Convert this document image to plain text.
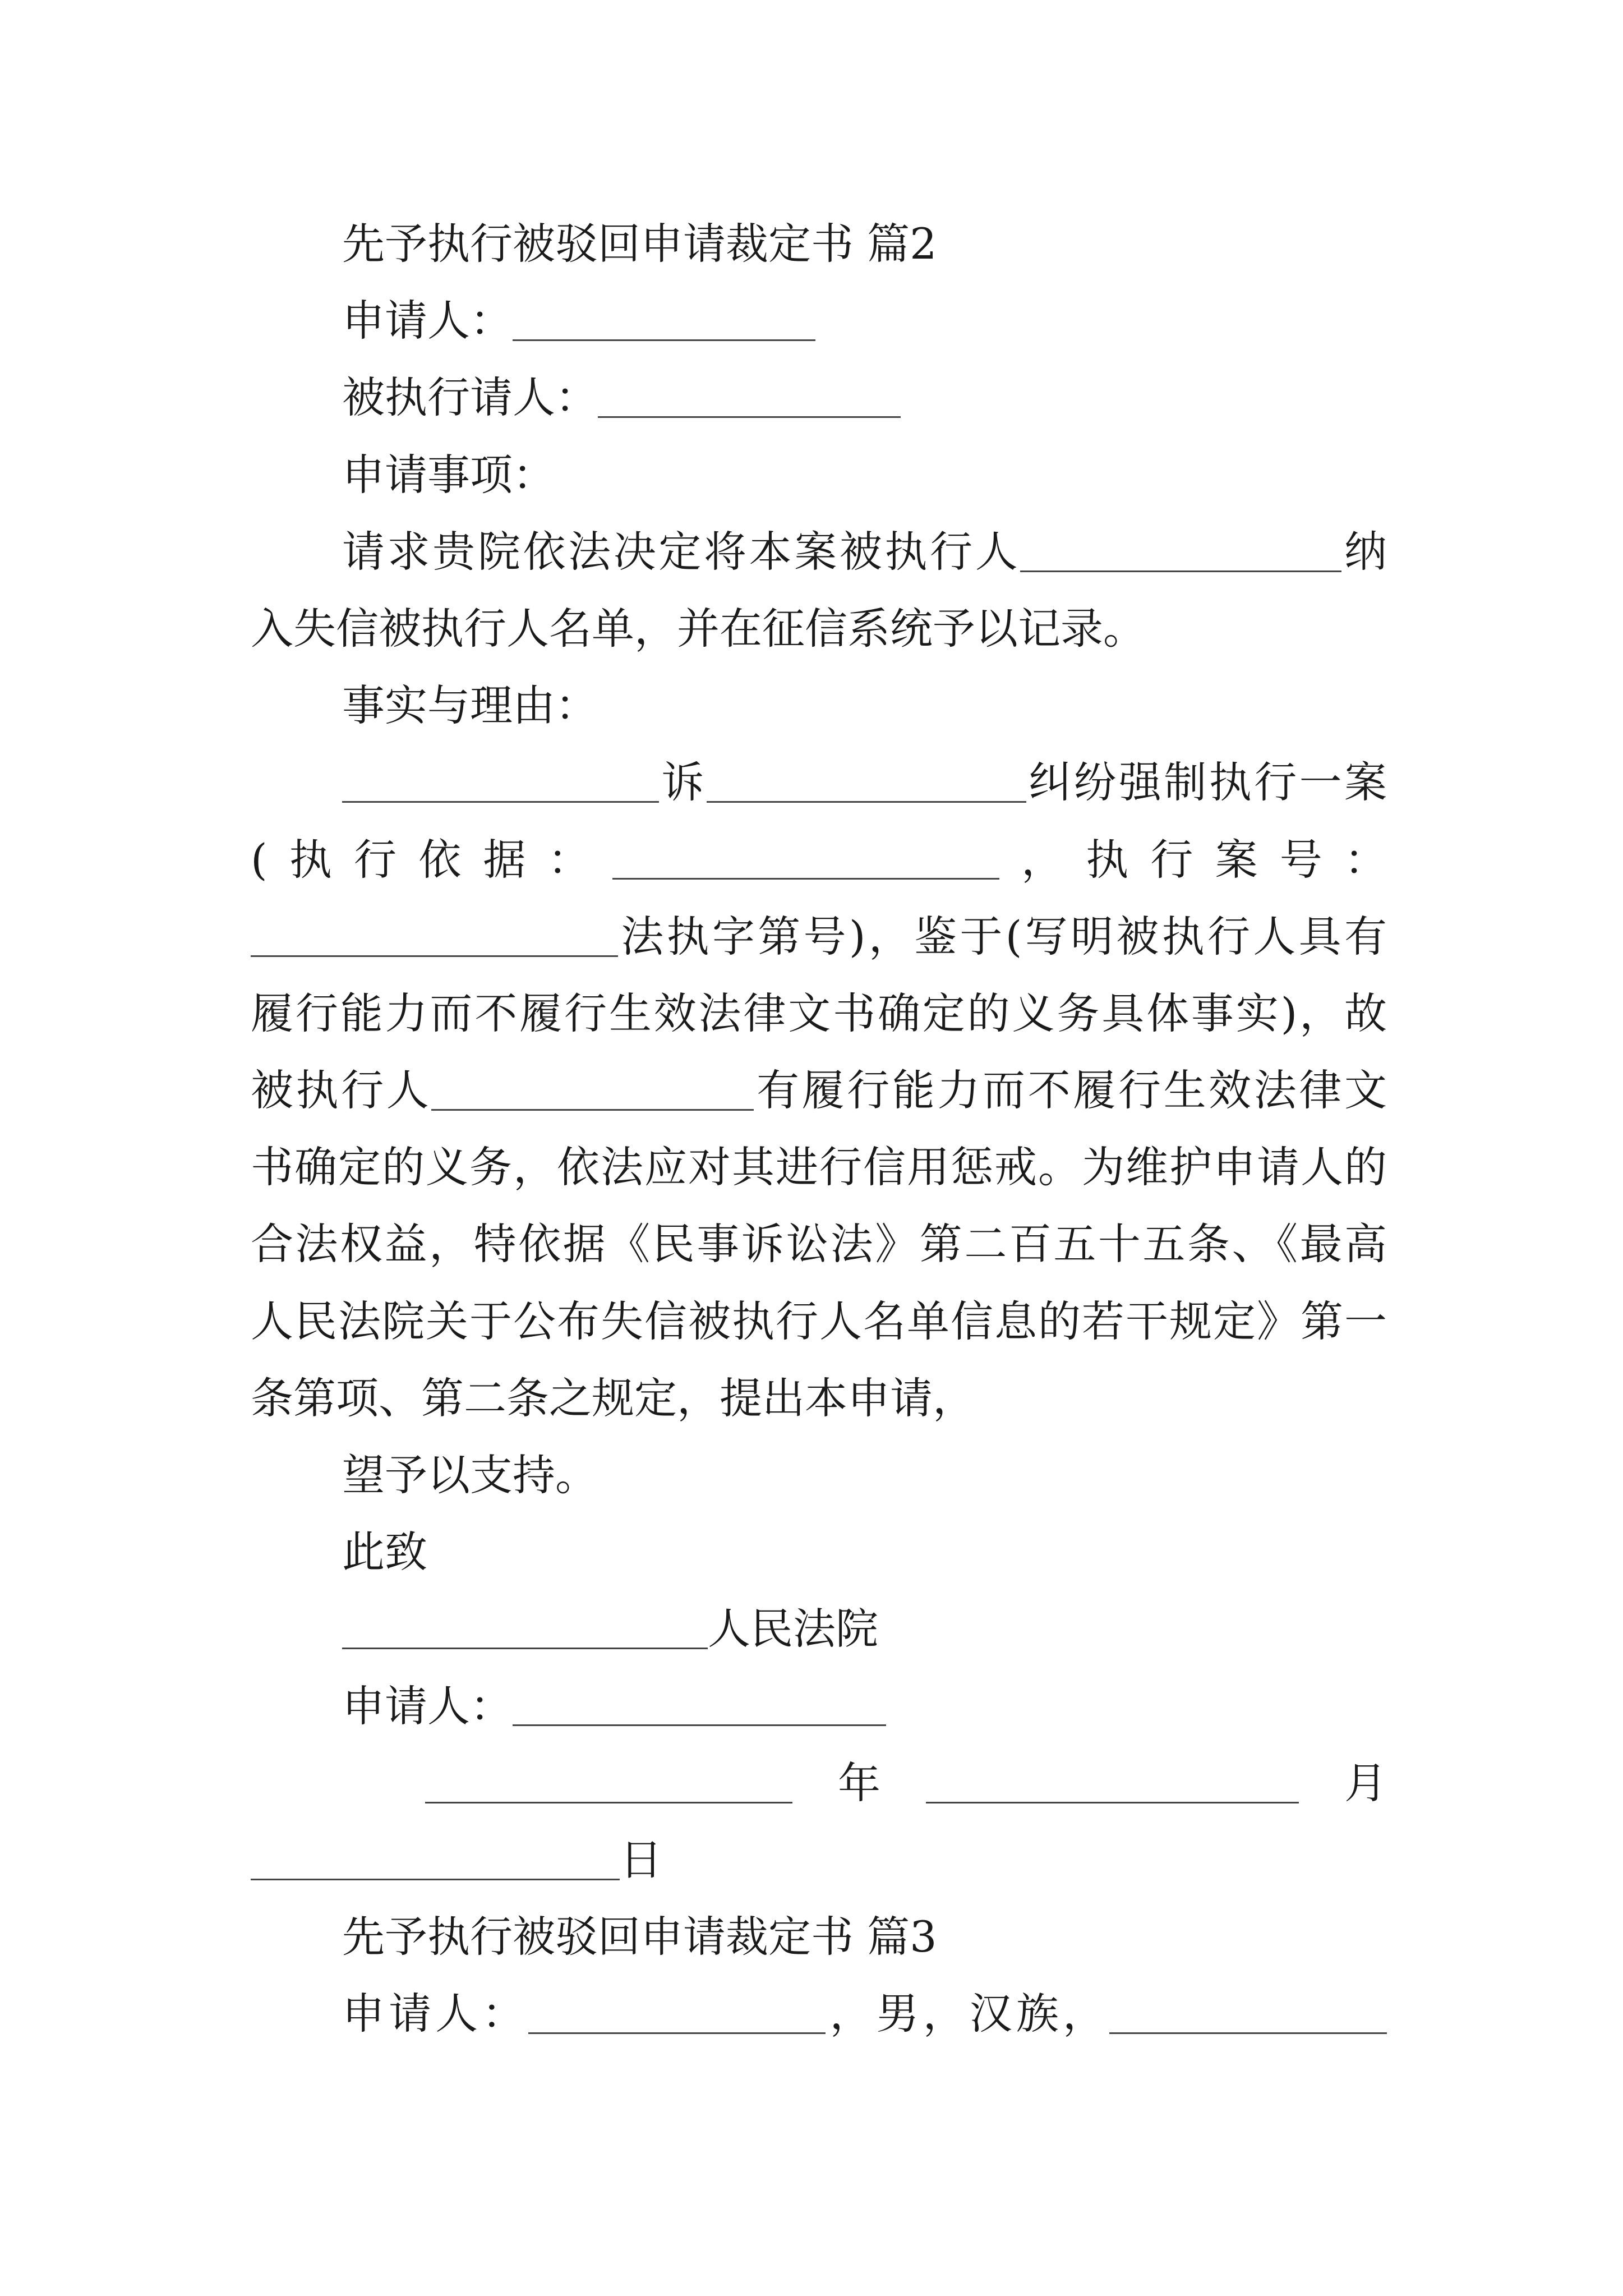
先予执行被驳回申请裁定书 篇2
申请人：
被执行请人：
申请事项：
请求贵院依法决定将本案被执行人	纳
入失信被执行人名单，并在征信系统予以记录。
事实与理由：
诉	纠纷强制执行一案
(执行依据：	，执行案号：
法执字第号)，鉴于(写明被执行人具有
履行能力而不履行生效法律文书确定的义务具体事实)，故
被执行人	有履行能力而不履行生效法律文
书确定的义务，依法应对其进行信用惩戒。为维护申请人的
合法权益，特依据《民事诉讼法》第二百五十五条、《最高
人民法院关于公布失信被执行人名单信息的若干规定》第一
条第项、第二条之规定，提出本申请，
望予以支持。
此致
人民法院
申请人：
年	月
日
先予执行被驳回申请裁定书 篇3
申请人：	，男，汉族，
